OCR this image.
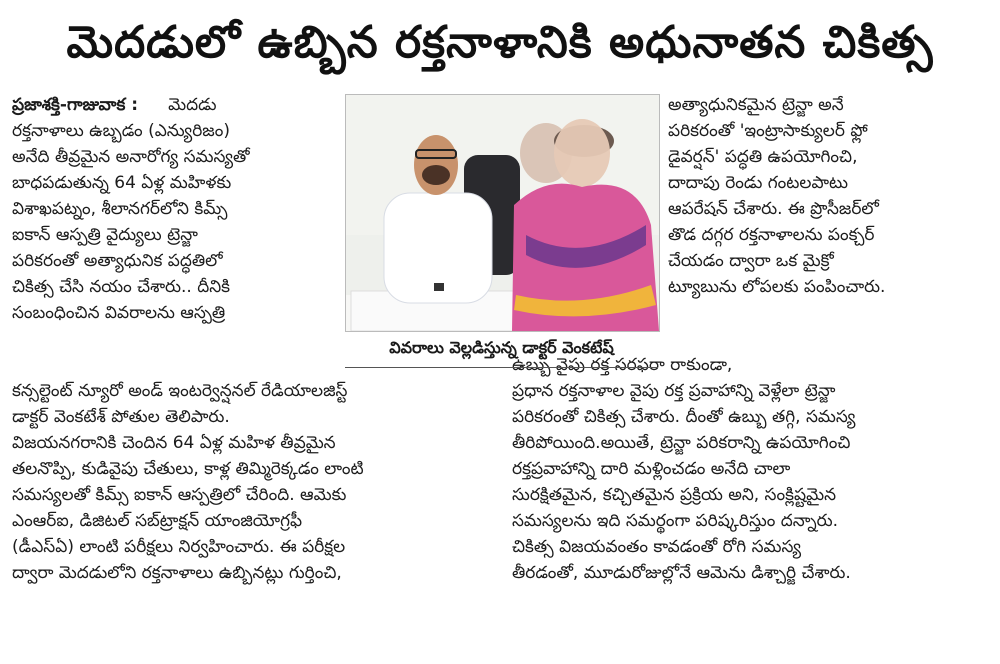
మెదడులో ఉబ్బిన రక్తనాళానికి అధునాతన చికిత్స
ప్రజాశక్తి-గాజువాక : మెదడు
రక్తనాళాలు ఉబ్బడం (ఎన్యురిజం)
అనేది తీవ్రమైన అనారోగ్య సమస్యతో
బాధపడుతున్న 64 ఏళ్ల మహిళకు
విశాఖపట్నం, శీలానగర్‌లోని కిమ్స్
ఐకాన్ ఆస్పత్రి వైద్యులు ట్రెన్జా
పరికరంతో అత్యాధునిక పద్ధతిలో
చికిత్స చేసి నయం చేశారు.. దీనికి
సంబంధించిన వివరాలను ఆస్పత్రి
కన్సల్టెంట్ న్యూరో అండ్ ఇంటర్వెన్షనల్ రేడియాలజిస్ట్
డాక్టర్ వెంకటేశ్ పోతుల తెలిపారు.
విజయనగరానికి చెందిన 64 ఏళ్ల మహిళ తీవ్రమైన
తలనొప్పి, కుడివైపు చేతులు, కాళ్ల తిమ్మిరెక్కడం లాంటి
సమస్యలతో కిమ్స్ ఐకాన్ ఆస్పత్రిలో చేరింది. ఆమెకు
ఎంఆర్ఐ, డిజిటల్ సబ్‌ట్రాక్షన్ యాంజియోగ్రఫీ
(డీఎస్ఏ) లాంటి పరీక్షలు నిర్వహించారు. ఈ పరీక్షల
ద్వారా మెదడులోని రక్తనాళాలు ఉబ్బినట్లు గుర్తించి,
అత్యాధునికమైన ట్రెన్జా అనే
పరికరంతో 'ఇంట్రాసాక్యులర్ ఫ్లో
డైవర్షన్' పద్ధతి ఉపయోగించి,
దాదాపు రెండు గంటలపాటు
ఆపరేషన్ చేశారు. ఈ ప్రొసీజర్‌లో
తొడ దగ్గర రక్తనాళాలను పంక్చర్
చేయడం ద్వారా ఒక మైక్రో
ట్యూబును లోపలకు పంపించారు.
ఉబ్బు వైపు రక్త సరఫరా రాకుండా,
ప్రధాన రక్తనాళాల వైపు రక్త ప్రవాహాన్ని వెళ్లేలా ట్రెన్జా
పరికరంతో చికిత్స చేశారు. దీంతో ఉబ్బు తగ్గి, సమస్య
తీరిపోయింది.అయితే, ట్రెన్జా పరికరాన్ని ఉపయోగించి
రక్తప్రవాహాన్ని దారి మళ్లించడం అనేది చాలా
సురక్షితమైన, కచ్చితమైన ప్రక్రియ అని, సంక్లిష్టమైన
సమస్యలను ఇది సమర్థంగా పరిష్కరిస్తుం దన్నారు.
చికిత్స విజయవంతం కావడంతో రోగి సమస్య
తీరడంతో, మూడురోజుల్లోనే ఆమెను డిశ్చార్జి చేశారు.
వివరాలు వెల్లడిస్తున్న డాక్టర్ వెంకటేష్
